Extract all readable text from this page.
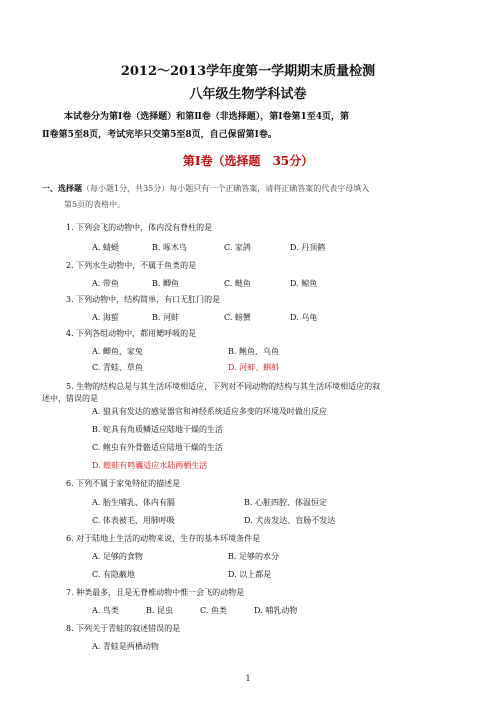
2012～2013学年度第一学期期末质量检测
八年级生物学科试卷
本试卷分为第Ⅰ卷（选择题）和第Ⅱ卷（非选择题），第Ⅰ卷第1至4页，第
Ⅱ卷第5至8页，考试完毕只交第5至8页，自己保留第Ⅰ卷。
第Ⅰ卷（选择题　35分）
一、选择题（每小题1分，共35分）每小题只有一个正确答案，请将正确答案的代表字母填入
第5页的表格中。
1. 下列会飞的动物中，体内没有脊柱的是
A. 蜻蜓	B. 啄木鸟	C. 家鸽	D. 丹顶鹤
2. 下列水生动物中，不属于鱼类的是
A. 带鱼	B. 鲫鱼	C. 鲢鱼	D. 鲸鱼
3. 下列动物中，结构简单，有口无肛门的是
A. 海蜇	B. 河蚌	C. 螃蟹	D. 乌龟
4. 下列各组动物中，都用鳃呼吸的是
A. 鲫鱼、家兔	B. 鲍鱼、乌鱼
C. 青蛙、草鱼	D. 河蚌、蝌蚪
5. 生物的结构总是与其生活环境相适应，下列对不同动物的结构与其生活环境相适应的叙
述中，错误的是
A. 狼具有发达的感觉器官和神经系统适应多变的环境及时做出反应
B. 蛇具有角质鳞适应陆地干燥的生活
C. 鲍虫有外骨骼适应陆地干燥的生活
D. 蝗蛙有鸣囊适应水陆两栖生活
6. 下列不属于家兔特征的描述是
A. 胎生哺乳、体内有膈	B. 心脏四腔、体温恒定
C. 体表被毛、用肺呼吸	D. 犬齿发达、盲肠不发达
6. 对于陆地上生活的动物来说，生存的基本环境条件是
A. 足够的食物	B. 足够的水分
C. 有隐蔽地	D. 以上都是
7. 种类最多，且是无脊椎动物中惟一会飞的动物是
A. 鸟类	B. 昆虫	C. 鱼类	D. 哺乳动物
8. 下列关于青蛙的叙述错误的是
A. 青蛙是两栖动物
1
